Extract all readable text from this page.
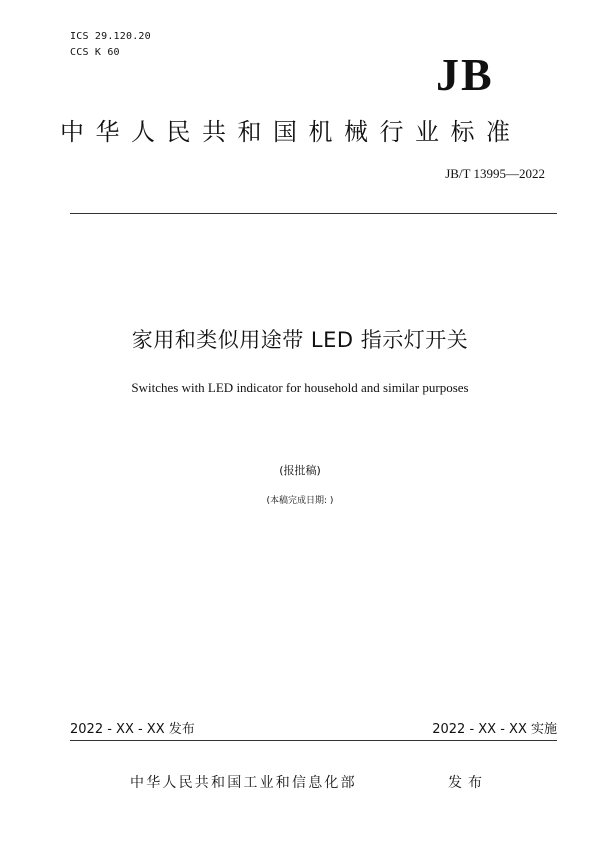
ICS 29.120.20
CCS K 60	JB
中华人民共和国机械行业标准
JB/T 13995—2022
家用和类似用途带 LED 指示灯开关
Switches with LED indicator for household and similar purposes
(报批稿)
(本稿完成日期: )
2022 - XX - XX 发布	2022 - XX - XX 实施
中华人民共和国工业和信息化部	发布
